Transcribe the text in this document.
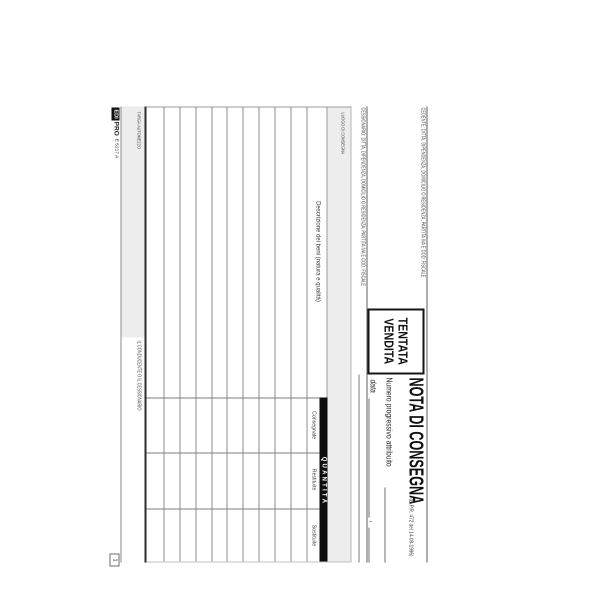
CEDENTE: DITTA, DIPENDENZA, DOMICILIO O RESIDENZA, PARTITA IVA E COD. FISCALE
CESSIONARIO: DITTA, DIPENDENZA, DOMICILIO O RESIDENZA, PARTITA IVA E COD. FISCALE
TENTATA
VENDITA
NOTA DI CONSEGNA
(D.P.R. 472 del 14-08-1996)
Numero progressivo attribuito
data
,
LUOGO DI CONSEGNA
Descrizione dei beni (natura e qualità)
QUANTITÀ
Consegnate
Restituite
Sostituite
TARGA AUTOMEZZO
IL CONDUCENTE O IL CESSIONARIO
EDI
PRO
E 5217 A
1
